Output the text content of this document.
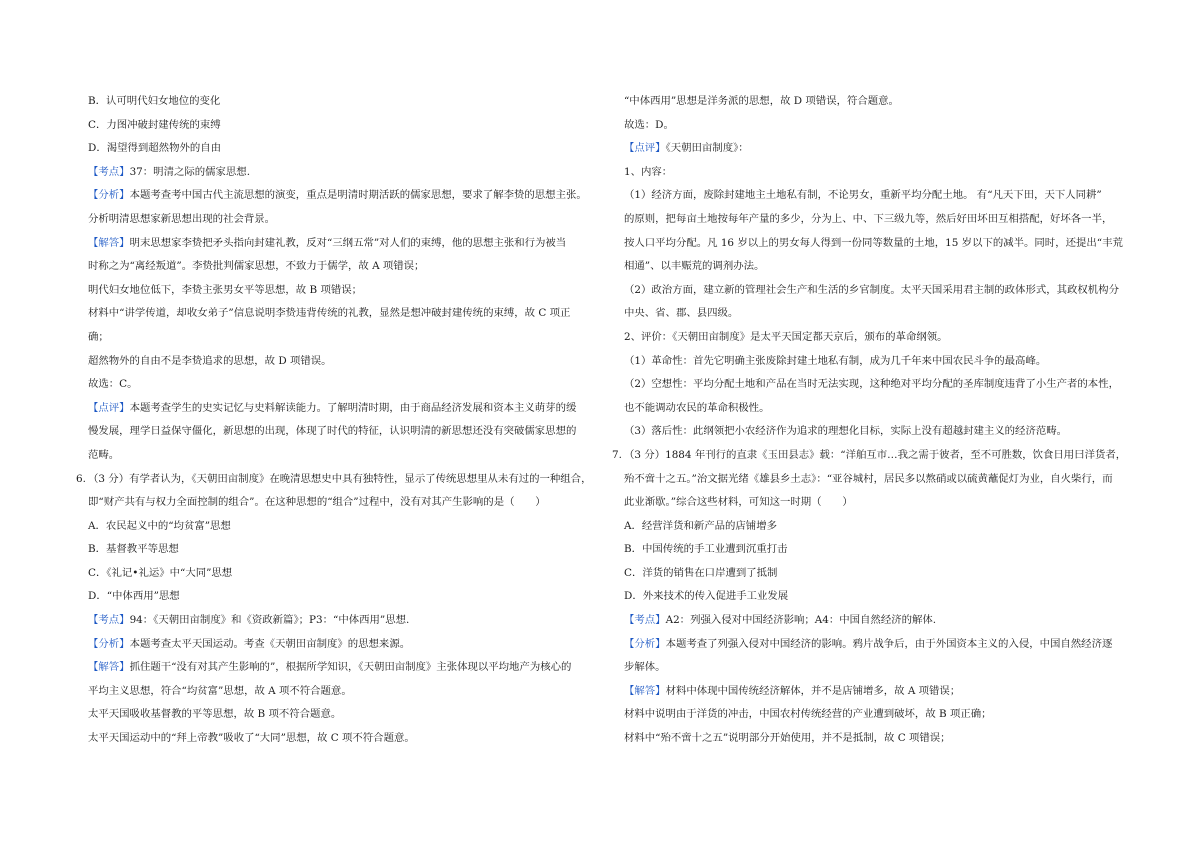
B．认可明代妇女地位的变化
C．力图冲破封建传统的束缚
D．渴望得到超然物外的自由
【考点】37：明清之际的儒家思想.
【分析】本题考查考中国古代主流思想的演变，重点是明清时期活跃的儒家思想，要求了解李贽的思想主张。
分析明清思想家新思想出现的社会背景。
【解答】明末思想家李贽把矛头指向封建礼教，反对“三纲五常”对人们的束缚，他的思想主张和行为被当
时称之为“离经叛道”。李贽批判儒家思想，不致力于儒学，故 A 项错误；
明代妇女地位低下，李贽主张男女平等思想，故 B 项错误；
材料中“讲学传道，却收女弟子”信息说明李贽违背传统的礼教，显然是想冲破封建传统的束缚，故 C 项正
确；
超然物外的自由不是李贽追求的思想，故 D 项错误。
故选：C。
【点评】本题考查学生的史实记忆与史料解读能力。了解明清时期，由于商品经济发展和资本主义萌芽的缓
慢发展，理学日益保守僵化，新思想的出现，体现了时代的特征，认识明清的新思想还没有突破儒家思想的
范畴。
6. （3 分）有学者认为，《天朝田亩制度》在晚清思想史中具有独特性，显示了传统思想里从未有过的一种组合，
即“财产共有与权力全面控制的组合”。在这种思想的“组合”过程中，没有对其产生影响的是（　　）
A．农民起义中的“均贫富”思想
B．基督教平等思想
C．《礼记•礼运》中“大同”思想
D．“中体西用”思想
【考点】94：《天朝田亩制度》和《资政新篇》；P3：“中体西用”思想.
【分析】本题考查太平天国运动。考查《天朝田亩制度》的思想来源。
【解答】抓住题干“没有对其产生影响的”，根据所学知识，《天朝田亩制度》主张体现以平均地产为核心的
平均主义思想，符合“均贫富”思想，故 A 项不符合题意。
太平天国吸收基督教的平等思想，故 B 项不符合题意。
太平天国运动中的“拜上帝教”吸收了“大同”思想，故 C 项不符合题意。
“中体西用”思想是洋务派的思想，故 D 项错误，符合题意。
故选：D。
【点评】《天朝田亩制度》：
1、内容：
（1）经济方面，废除封建地主土地私有制，不论男女，重新平均分配土地。 有“凡天下田，天下人同耕”
的原则，把每亩土地按每年产量的多少，分为上、中、下三级九等，然后好田坏田互相搭配，好坏各一半，
按人口平均分配。凡 16 岁以上的男女每人得到一份同等数量的土地，15 岁以下的减半。同时，还提出“丰荒
相通”、以丰赈荒的调剂办法。
（2）政治方面，建立新的管理社会生产和生活的乡官制度。太平天国采用君主制的政体形式，其政权机构分
中央、省、郡、县四级。
2、评价：《天朝田亩制度》是太平天国定都天京后，颁布的革命纲领。
（1）革命性：首先它明确主张废除封建土地私有制，成为几千年来中国农民斗争的最高峰。
（2）空想性：平均分配土地和产品在当时无法实现，这种绝对平均分配的圣库制度违背了小生产者的本性，
也不能调动农民的革命积极性。
（3）落后性：此纲领把小农经济作为追求的理想化目标，实际上没有超越封建主义的经济范畴。
7. （3 分）1884 年刊行的直隶《玉田县志》载：“洋舶互市…我之需于彼者，至不可胜数，饮食日用曰洋货者，
殆不啻十之五。”治文据光绪《雄县乡土志》：“亚谷城村，居民多以熬硝或以硫黄蘸促灯为业，自火柴行，而
此业渐歇。”综合这些材料，可知这一时期（　　）
A．经营洋货和新产品的店铺增多
B．中国传统的手工业遭到沉重打击
C．洋货的销售在口岸遭到了抵制
D．外来技术的传入促进手工业发展
【考点】A2：列强入侵对中国经济影响；A4：中国自然经济的解体.
【分析】本题考查了列强入侵对中国经济的影响。鸦片战争后，由于外国资本主义的入侵，中国自然经济逐
步解体。
【解答】材料中体现中国传统经济解体，并不是店铺增多，故 A 项错误；
材料中说明由于洋货的冲击，中国农村传统经营的产业遭到破坏，故 B 项正确；
材料中“殆不啻十之五”说明部分开始使用，并不是抵制，故 C 项错误；
